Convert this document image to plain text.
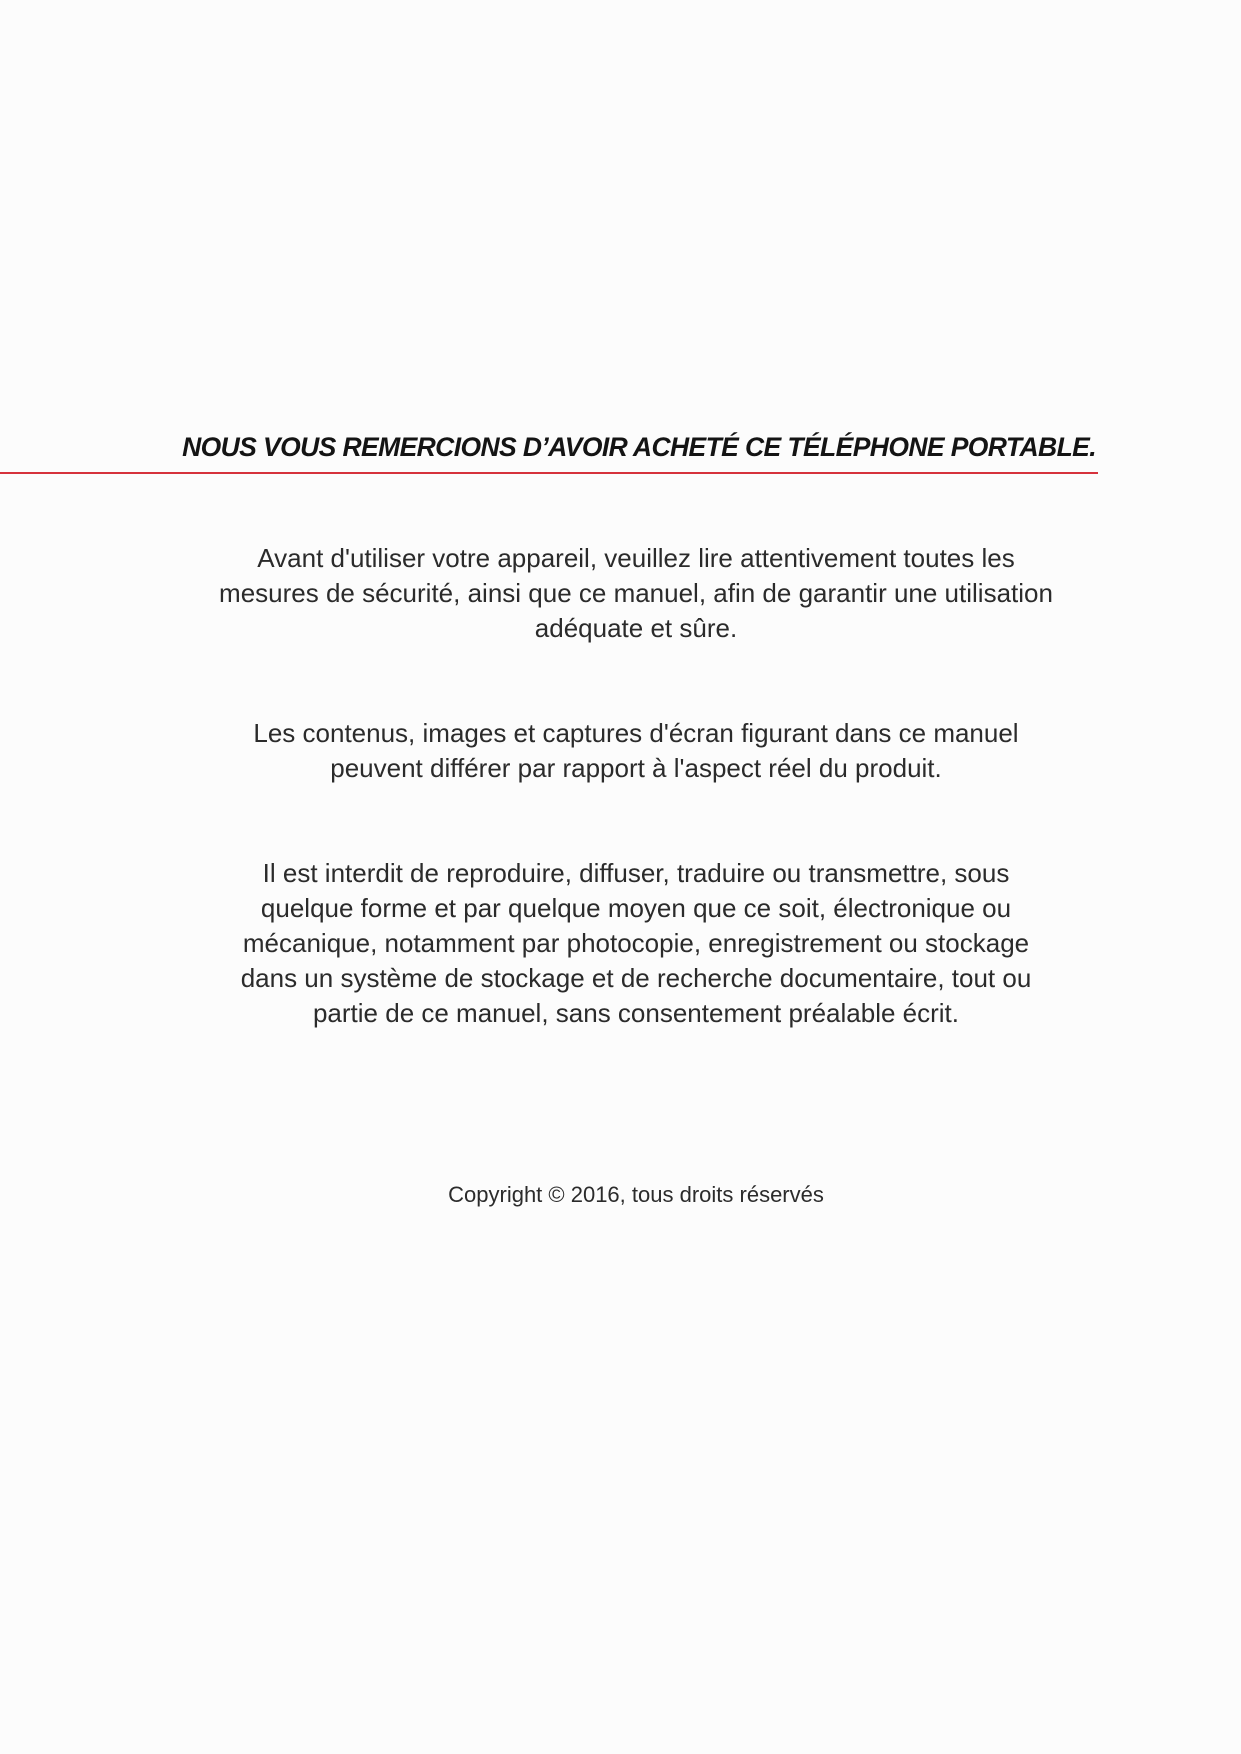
NOUS VOUS REMERCIONS D’AVOIR ACHETÉ CE TÉLÉPHONE PORTABLE.
Avant d'utiliser votre appareil, veuillez lire attentivement toutes les
mesures de sécurité, ainsi que ce manuel, afin de garantir une utilisation
adéquate et sûre.
Les contenus, images et captures d'écran figurant dans ce manuel
peuvent différer par rapport à l'aspect réel du produit.
Il est interdit de reproduire, diffuser, traduire ou transmettre, sous
quelque forme et par quelque moyen que ce soit, électronique ou
mécanique, notamment par photocopie, enregistrement ou stockage
dans un système de stockage et de recherche documentaire, tout ou
partie de ce manuel, sans consentement préalable écrit.
Copyright © 2016, tous droits réservés
